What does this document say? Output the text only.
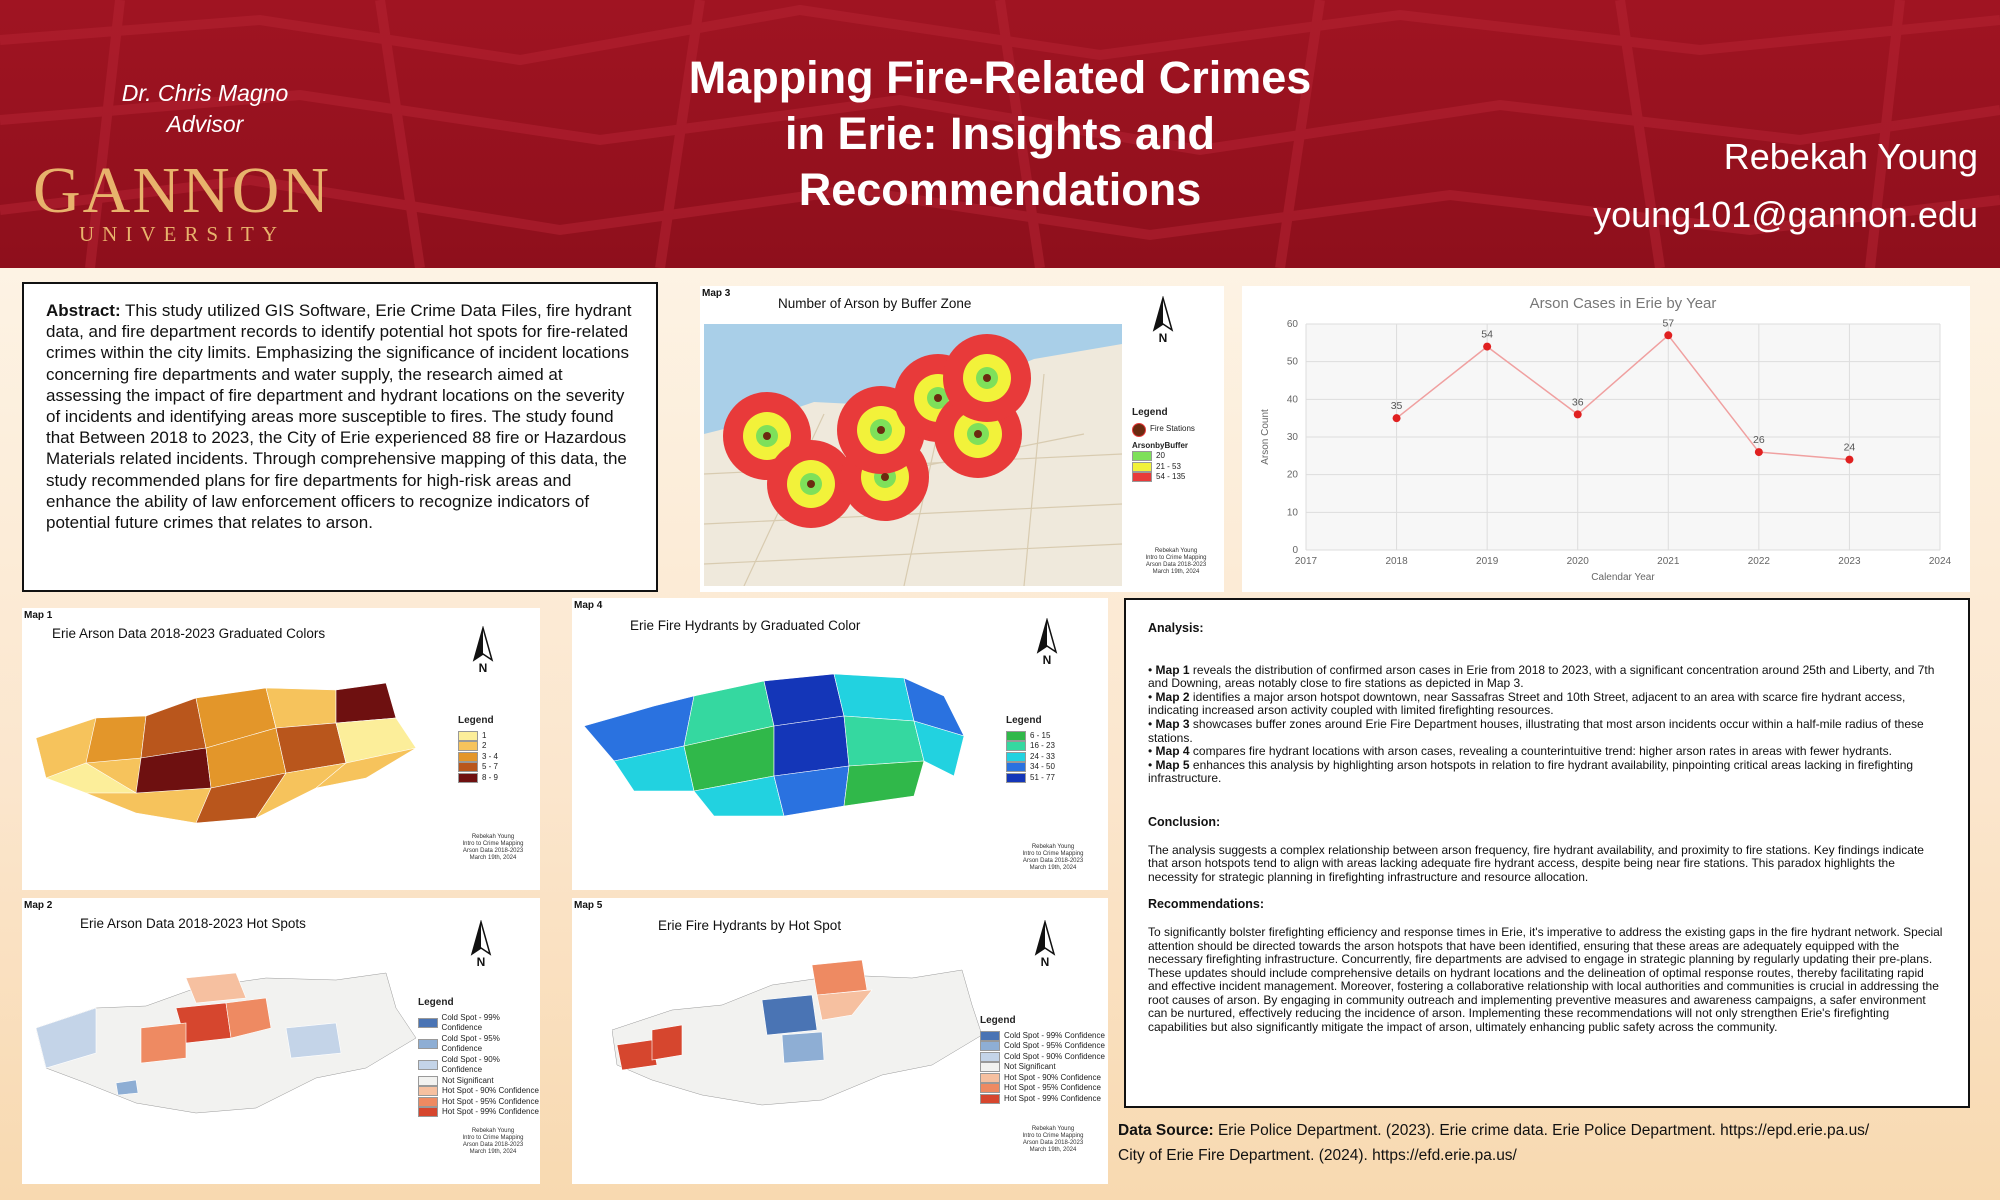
Dr. Chris Magno
Advisor
GANNON
UNIVERSITY
Mapping Fire-Related Crimes
in Erie: Insights and
Recommendations
Rebekah Young
young101@gannon.edu
Abstract: This study utilized GIS Software, Erie Crime Data Files, fire hydrant data, and fire department records to identify potential hot spots for fire-related crimes within the city limits. Emphasizing the significance of incident locations concerning fire departments and water supply, the research aimed at assessing the impact of fire department and hydrant locations on the severity of incidents and identifying areas more susceptible to fires. The study found that Between 2018 to 2023, the City of Erie experienced 88 fire or Hazardous Materials related incidents. Through comprehensive mapping of this data, the study recommended plans for fire departments for high-risk areas and enhance the ability of law enforcement officers to recognize indicators of potential future crimes that relates to arson.
Map 3
Number of Arson by Buffer Zone
N
Legend
Fire Stations
ArsonbyBuffer
20
21 - 53
54 - 135
Rebekah Young
Intro to Crime Mapping
Arson Data 2018-2023
March 19th, 2024
0
10
20
30
40
50
60
2017	2018	2019	2020	2021	2022	2023	2024
Arson Cases in Erie by Year
Calendar Year
Arson Count
35
54
36
57
26
24
Map 1
Erie Arson Data 2018-2023 Graduated Colors
N
Legend
1
2
3 - 4
5 - 7
8 - 9
Rebekah Young
Intro to Crime Mapping
Arson Data 2018-2023
March 19th, 2024
Map 4
Erie Fire Hydrants by Graduated Color
N
Legend
6 - 15
16 - 23
24 - 33
34 - 50
51 - 77
Rebekah Young
Intro to Crime Mapping
Arson Data 2018-2023
March 19th, 2024
Map 2
Erie Arson Data 2018-2023 Hot Spots
N
Legend
Cold Spot - 99% Confidence
Cold Spot - 95% Confidence
Cold Spot - 90% Confidence
Not Significant
Hot Spot - 90% Confidence
Hot Spot - 95% Confidence
Hot Spot - 99% Confidence
Rebekah Young
Intro to Crime Mapping
Arson Data 2018-2023
March 19th, 2024
Map 5
Erie Fire Hydrants by Hot Spot
N
Legend
Cold Spot - 99% Confidence
Cold Spot - 95% Confidence
Cold Spot - 90% Confidence
Not Significant
Hot Spot - 90% Confidence
Hot Spot - 95% Confidence
Hot Spot - 99% Confidence
Rebekah Young
Intro to Crime Mapping
Arson Data 2018-2023
March 19th, 2024
Analysis:

• Map 1 reveals the distribution of confirmed arson cases in Erie from 2018 to 2023, with a significant concentration around 25th and Liberty, and 7th and Downing, areas notably close to fire stations as depicted in Map 3.

• Map 2 identifies a major arson hotspot downtown, near Sassafras Street and 10th Street, adjacent to an area with scarce fire hydrant access, indicating increased arson activity coupled with limited firefighting resources.

• Map 3 showcases buffer zones around Erie Fire Department houses, illustrating that most arson incidents occur within a half-mile radius of these stations.

• Map 4 compares fire hydrant locations with arson cases, revealing a counterintuitive trend: higher arson rates in areas with fewer hydrants.

• Map 5 enhances this analysis by highlighting arson hotspots in relation to fire hydrant availability, pinpointing critical areas lacking in firefighting infrastructure.

Conclusion:

The analysis suggests a complex relationship between arson frequency, fire hydrant availability, and proximity to fire stations. Key findings indicate that arson hotspots tend to align with areas lacking adequate fire hydrant access, despite being near fire stations. This paradox highlights the necessity for strategic planning in firefighting infrastructure and resource allocation.

Recommendations:

To significantly bolster firefighting efficiency and response times in Erie, it's imperative to address the existing gaps in the fire hydrant network. Special attention should be directed towards the arson hotspots that have been identified, ensuring that these areas are adequately equipped with the necessary firefighting infrastructure. Concurrently, fire departments are advised to engage in strategic planning by regularly updating their pre-plans. These updates should include comprehensive details on hydrant locations and the delineation of optimal response routes, thereby facilitating rapid and effective incident management. Moreover, fostering a collaborative relationship with local authorities and communities is crucial in addressing the root causes of arson. By engaging in community outreach and implementing preventive measures and awareness campaigns, a safer environment can be nurtured, effectively reducing the incidence of arson. Implementing these recommendations will not only strengthen Erie's firefighting capabilities but also significantly mitigate the impact of arson, ultimately enhancing public safety across the community.

Data Source: Erie Police Department. (2023). Erie crime data. Erie Police Department. https://epd.erie.pa.us/
City of Erie Fire Department. (2024). https://efd.erie.pa.us/
